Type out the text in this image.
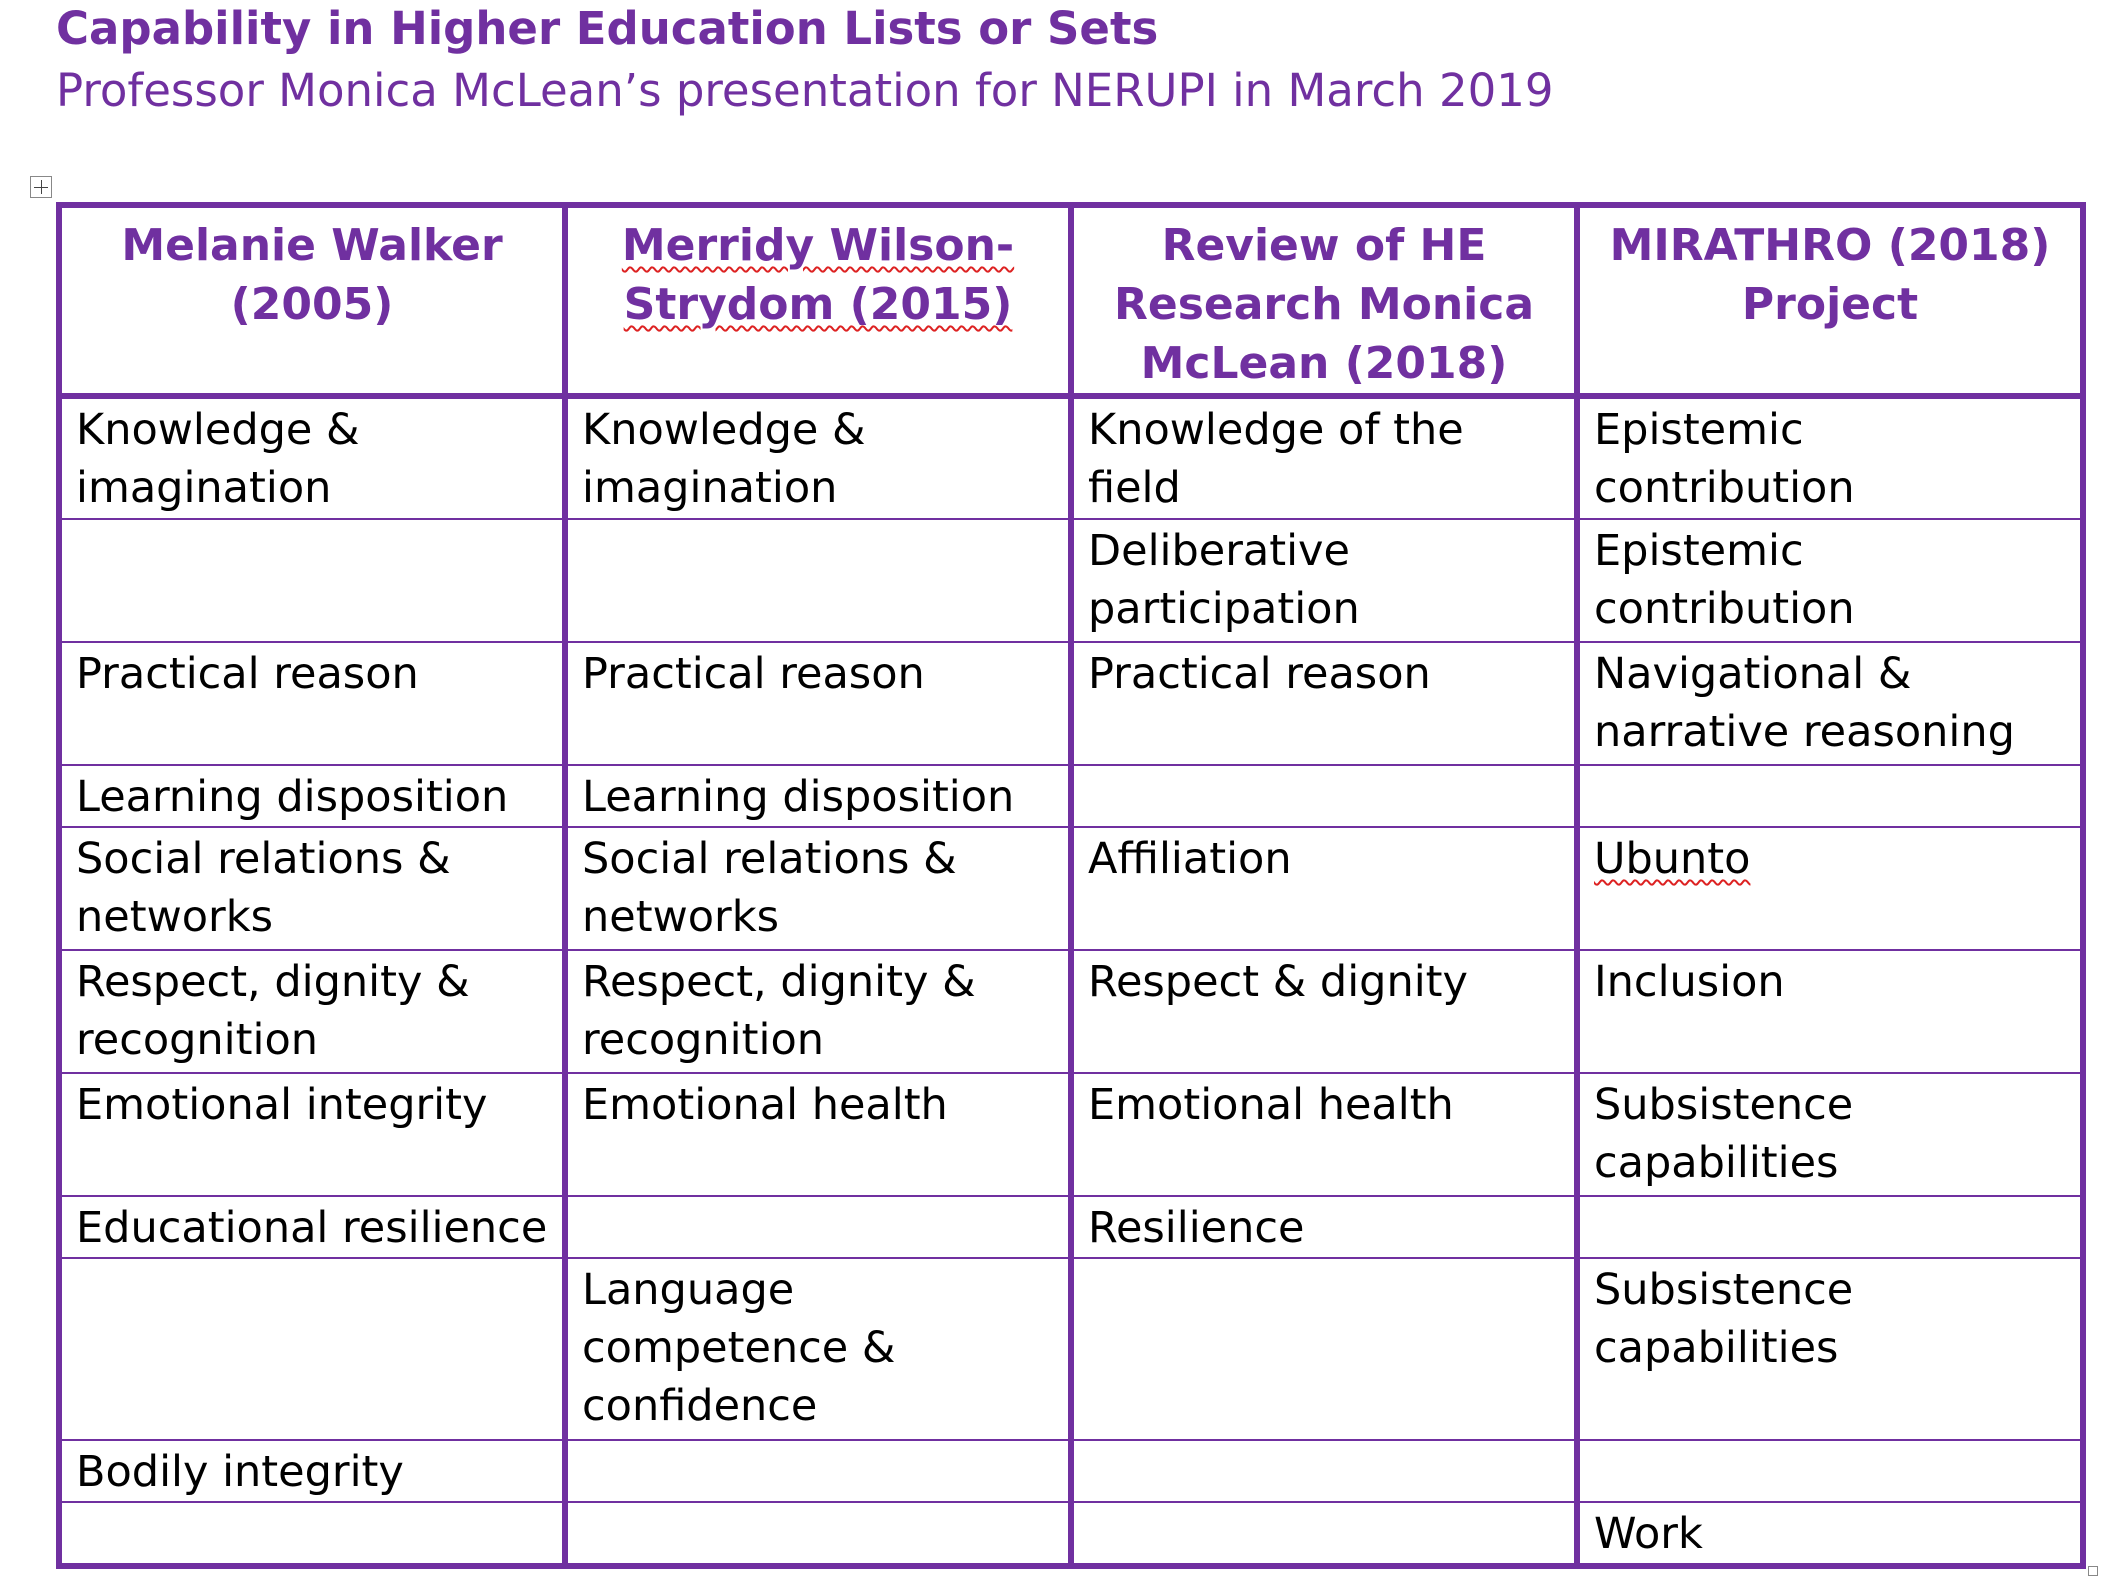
Capability in Higher Education Lists or Sets
Professor Monica McLean’s presentation for NERUPI in March 2019
Melanie Walker (2005)	Merridy Wilson-Strydom (2015)	Review of HE Research Monica McLean (2018)	MIRATHRO (2018) Project
Knowledge & imagination	Knowledge & imagination	Knowledge of the field	Epistemic contribution
		Deliberative participation	Epistemic contribution
Practical reason	Practical reason	Practical reason	Navigational & narrative reasoning
Learning disposition	Learning disposition		
Social relations & networks	Social relations & networks	Affiliation	Ubunto
Respect, dignity & recognition	Respect, dignity & recognition	Respect & dignity	Inclusion
Emotional integrity	Emotional health	Emotional health	Subsistence capabilities
Educational resilience		Resilience	
	Language competence & confidence		Subsistence capabilities
Bodily integrity			
			Work
